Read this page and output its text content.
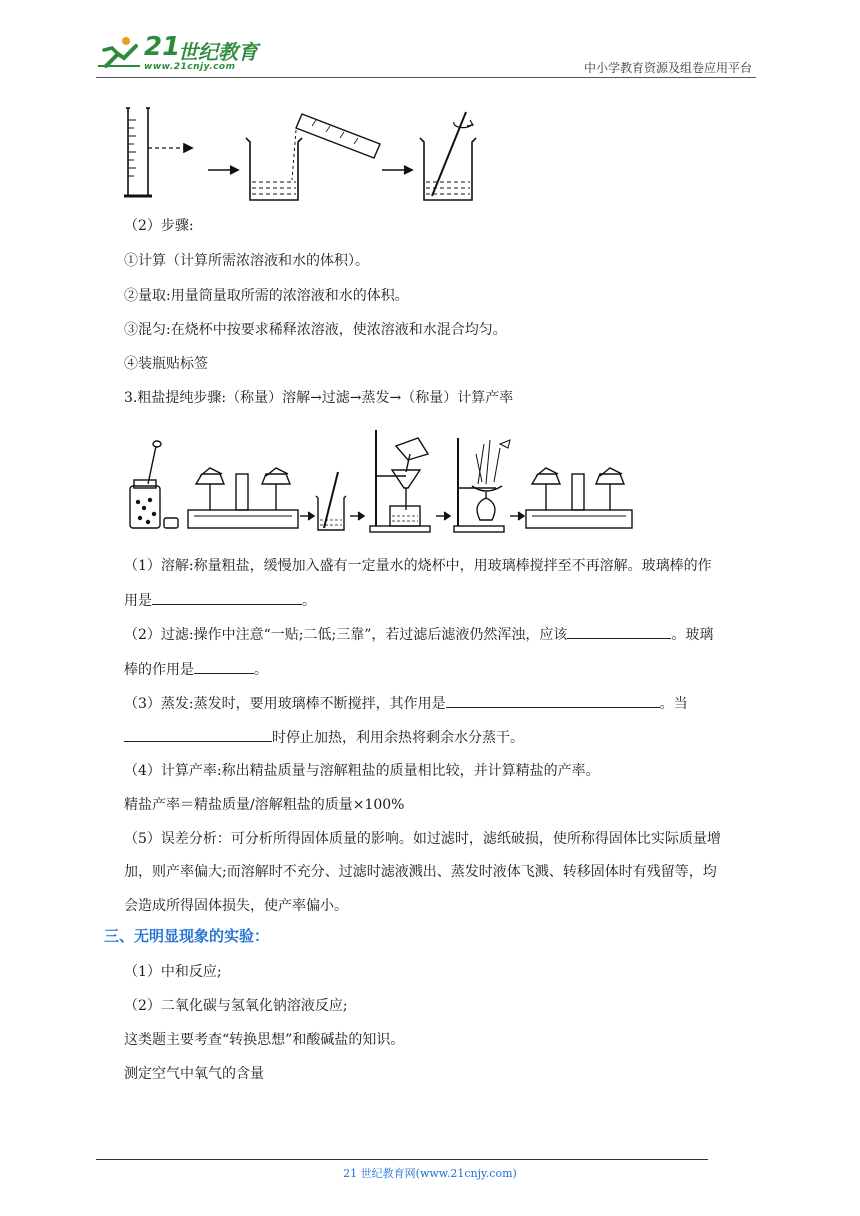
21
世纪教育
www.21cnjy.com	中小学教育资源及组卷应用平台
（2）步骤:
①计算（计算所需浓溶液和水的体积）。
②量取:用量筒量取所需的浓溶液和水的体积。
③混匀:在烧杯中按要求稀释浓溶液，使浓溶液和水混合均匀。
④装瓶贴标签
3.粗盐提纯步骤:（称量）溶解→过滤→蒸发→（称量）计算产率
（1）溶解:称量粗盐，缓慢加入盛有一定量水的烧杯中，用玻璃棒搅拌至不再溶解。玻璃棒的作
用是	。
（2）过滤:操作中注意“一贴;二低;三靠”，若过滤后滤液仍然浑浊，应该	。玻璃
棒的作用是	。
（3）蒸发:蒸发时，要用玻璃棒不断搅拌，其作用是	。当
时停止加热，利用余热将剩余水分蒸干。
（4）计算产率:称出精盐质量与溶解粗盐的质量相比较，并计算精盐的产率。
精盐产率＝精盐质量/溶解粗盐的质量×100%
（5）误差分析：可分析所得固体质量的影响。如过滤时，滤纸破损，使所称得固体比实际质量增
加，则产率偏大;而溶解时不充分、过滤时滤液溅出、蒸发时液体飞溅、转移固体时有残留等，均
会造成所得固体损失，使产率偏小。
三、无明显现象的实验：
（1）中和反应;
（2）二氧化碳与氢氧化钠溶液反应;
这类题主要考查“转换思想”和酸碱盐的知识。
测定空气中氧气的含量
21 世纪教育网(www.21cnjy.com)
